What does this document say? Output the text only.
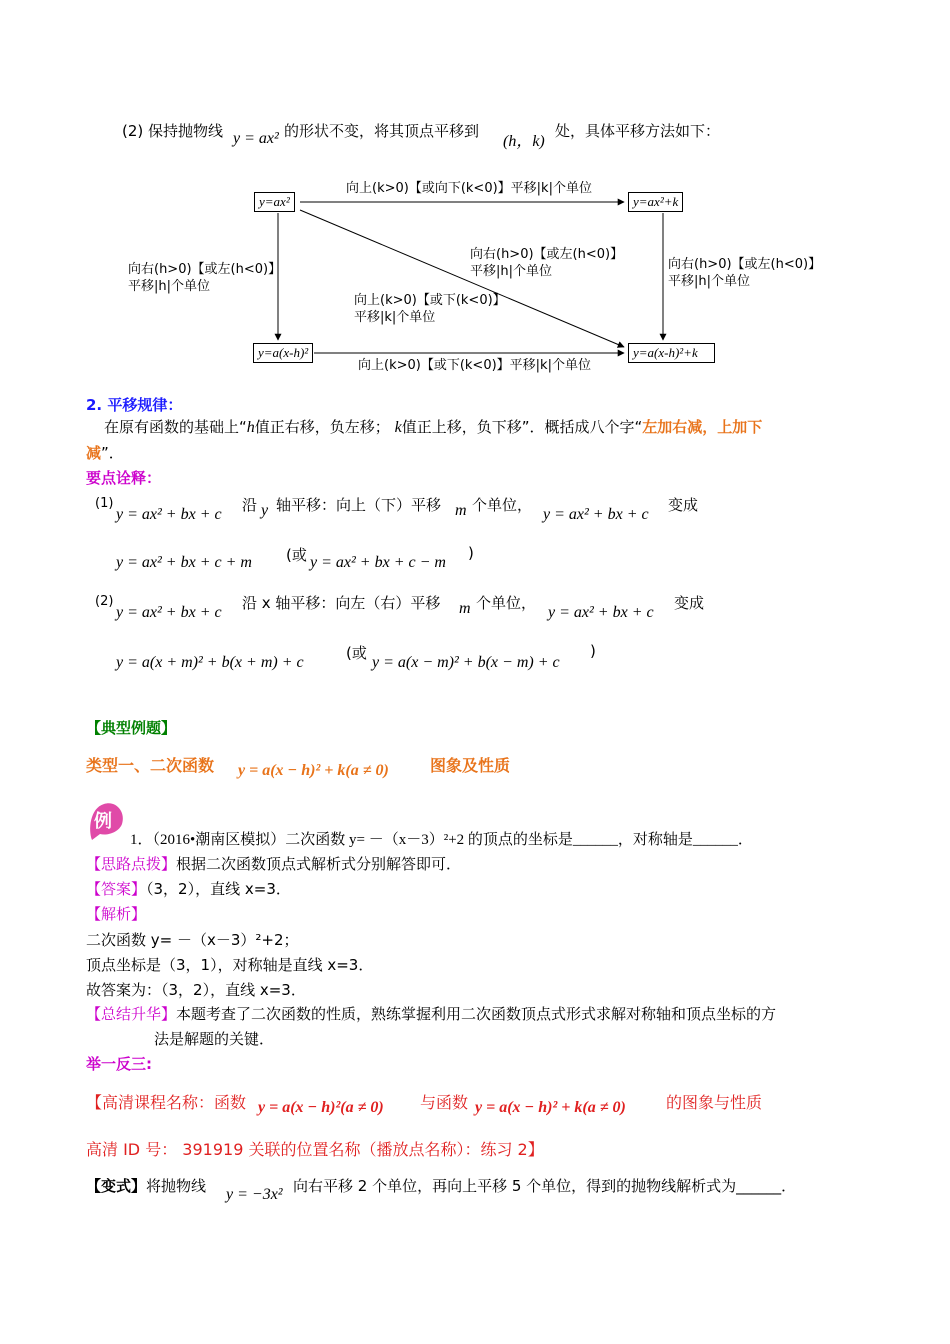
(2) 保持抛物线 y = ax² 的形状不变，将其顶点平移到
(h，k)
处，具体平移方法如下：
y=ax²	y=ax²+k
y=a(x-h)²	y=a(x-h)²+k
向上(k>0)【或向下(k<0)】平移|k|个单位
向右(h>0)【或左(h<0)】
平移|h|个单位
向右(h>0)【或左(h<0)】
平移|h|个单位
向右(h>0)【或左(h<0)】
平移|h|个单位
向上(k>0)【或下(k<0)】
平移|k|个单位
向上(k>0)【或下(k<0)】平移|k|个单位
2. 平移规律：
在原有函数的基础上“h值正右移，负左移； k值正上移，负下移”．概括成八个字“左加右减，上加下
减”．
要点诠释：
(1)
y = ax² + bx + c
沿 y 轴平移：向上（下）平移 m 个单位，
y = ax² + bx + c
变成
y = ax² + bx + c + m (或 y = ax² + bx + c − m
)
(2)
y = ax² + bx + c
沿 x 轴平移：向左（右）平移 m 个单位，
y = ax² + bx + c
变成
y = a(x + m)² + b(x + m) + c
(或
y = a(x − m)² + b(x − m) + c
)
【典型例题】
类型一、二次函数 y = a(x − h)² + k(a ≠ 0)	图象及性质
例
1．（2016•潮南区模拟）二次函数 y= －（x－3）²+2 的顶点的坐标是______，对称轴是______．
【思路点拨】根据二次函数顶点式解析式分别解答即可．
【答案】（3，2），直线 x=3．
【解析】
二次函数 y= －（x－3）²+2；
顶点坐标是（3，1），对称轴是直线 x=3．
故答案为：（3，2），直线 x=3．
【总结升华】本题考查了二次函数的性质，熟练掌握利用二次函数顶点式形式求解对称轴和顶点坐标的方
法是解题的关键．
举一反三:
【高清课程名称：函数 y = a(x − h)²(a ≠ 0) 与函数 y = a(x − h)² + k(a ≠ 0)	的图象与性质
高清 ID 号： 391919 关联的位置名称（播放点名称）：练习 2】
【变式】将抛物线 y = −3x² 向右平移 2 个单位，再向上平移 5 个单位，得到的抛物线解析式为______．
